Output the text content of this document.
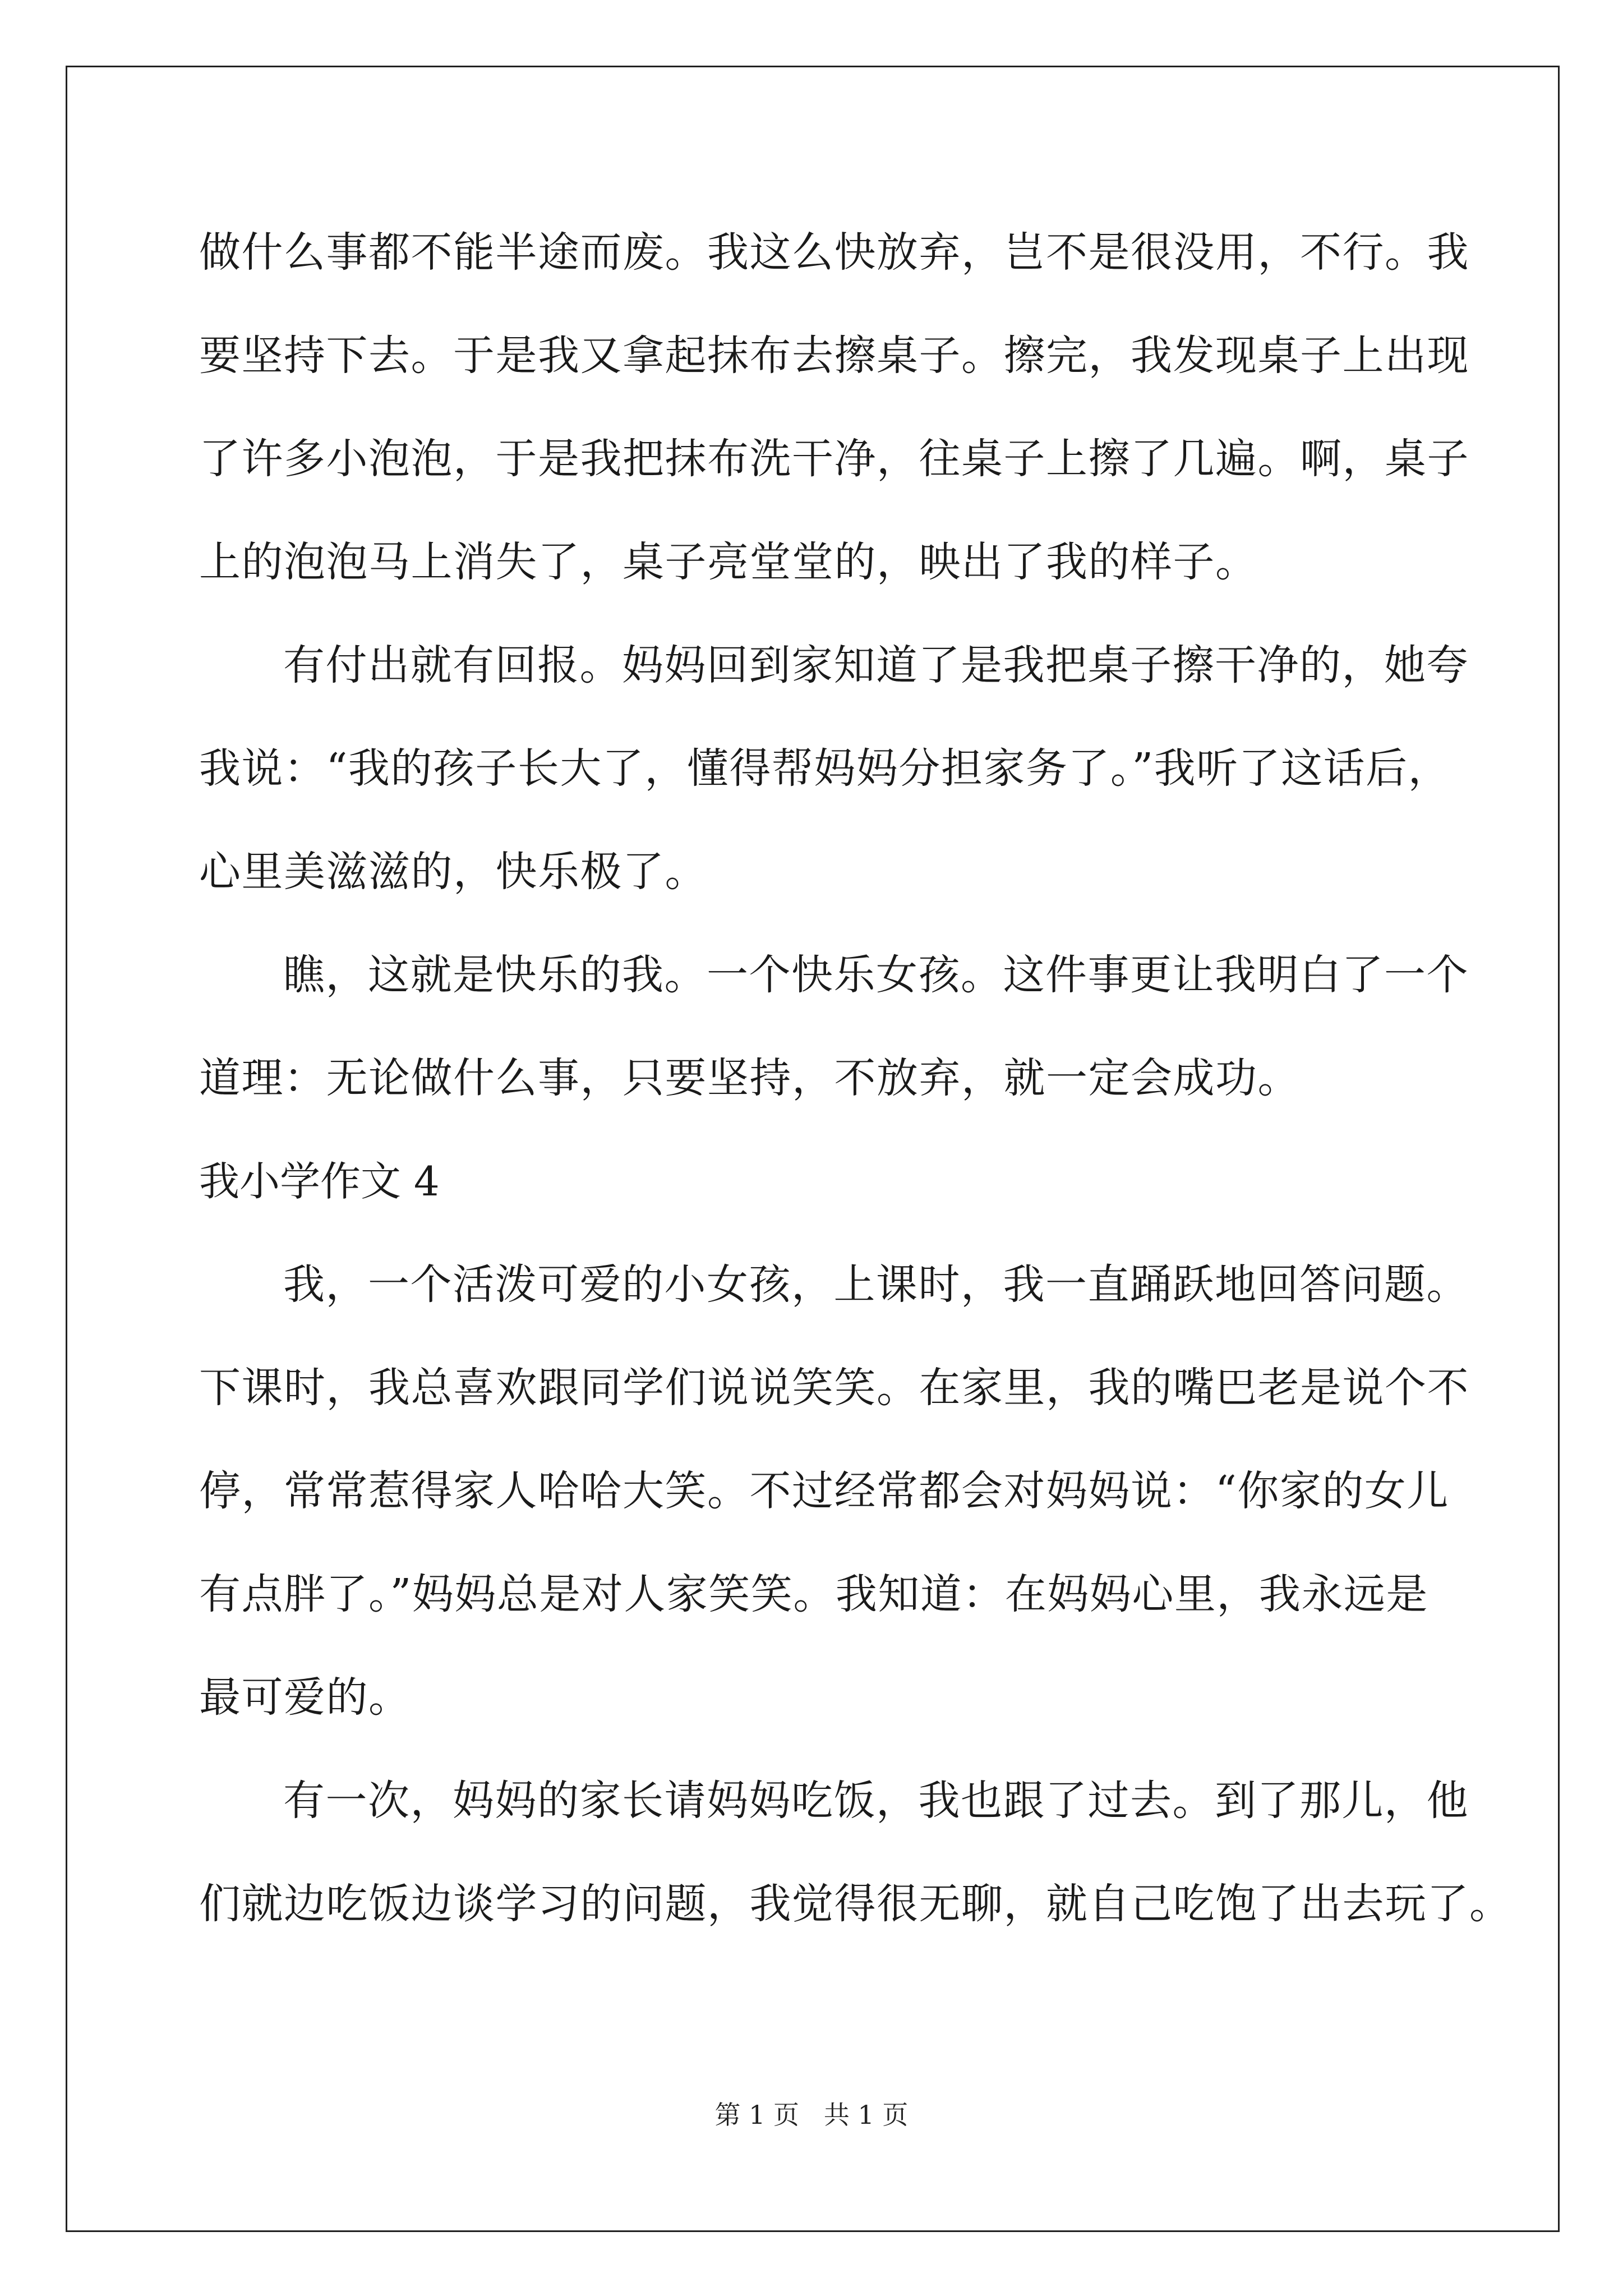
做什么事都不能半途而废。我这么快放弃，岂不是很没用，不行。我
要坚持下去。于是我又拿起抹布去擦桌子。擦完，我发现桌子上出现
了许多小泡泡，于是我把抹布洗干净，往桌子上擦了几遍。啊，桌子
上的泡泡马上消失了，桌子亮堂堂的，映出了我的样子。
有付出就有回报。妈妈回到家知道了是我把桌子擦干净的，她夸
我说：“我的孩子长大了，懂得帮妈妈分担家务了。”我听了这话后，
心里美滋滋的，快乐极了。
瞧，这就是快乐的我。一个快乐女孩。这件事更让我明白了一个
道理：无论做什么事，只要坚持，不放弃，就一定会成功。
我小学作文 4
我，一个活泼可爱的小女孩，上课时，我一直踊跃地回答问题。
下课时，我总喜欢跟同学们说说笑笑。在家里，我的嘴巴老是说个不
停，常常惹得家人哈哈大笑。不过经常都会对妈妈说：“你家的女儿
有点胖了。”妈妈总是对人家笑笑。我知道：在妈妈心里，我永远是
最可爱的。
有一次，妈妈的家长请妈妈吃饭，我也跟了过去。到了那儿，他
们就边吃饭边谈学习的问题，我觉得很无聊，就自己吃饱了出去玩了。
第 1 页   共 1 页
